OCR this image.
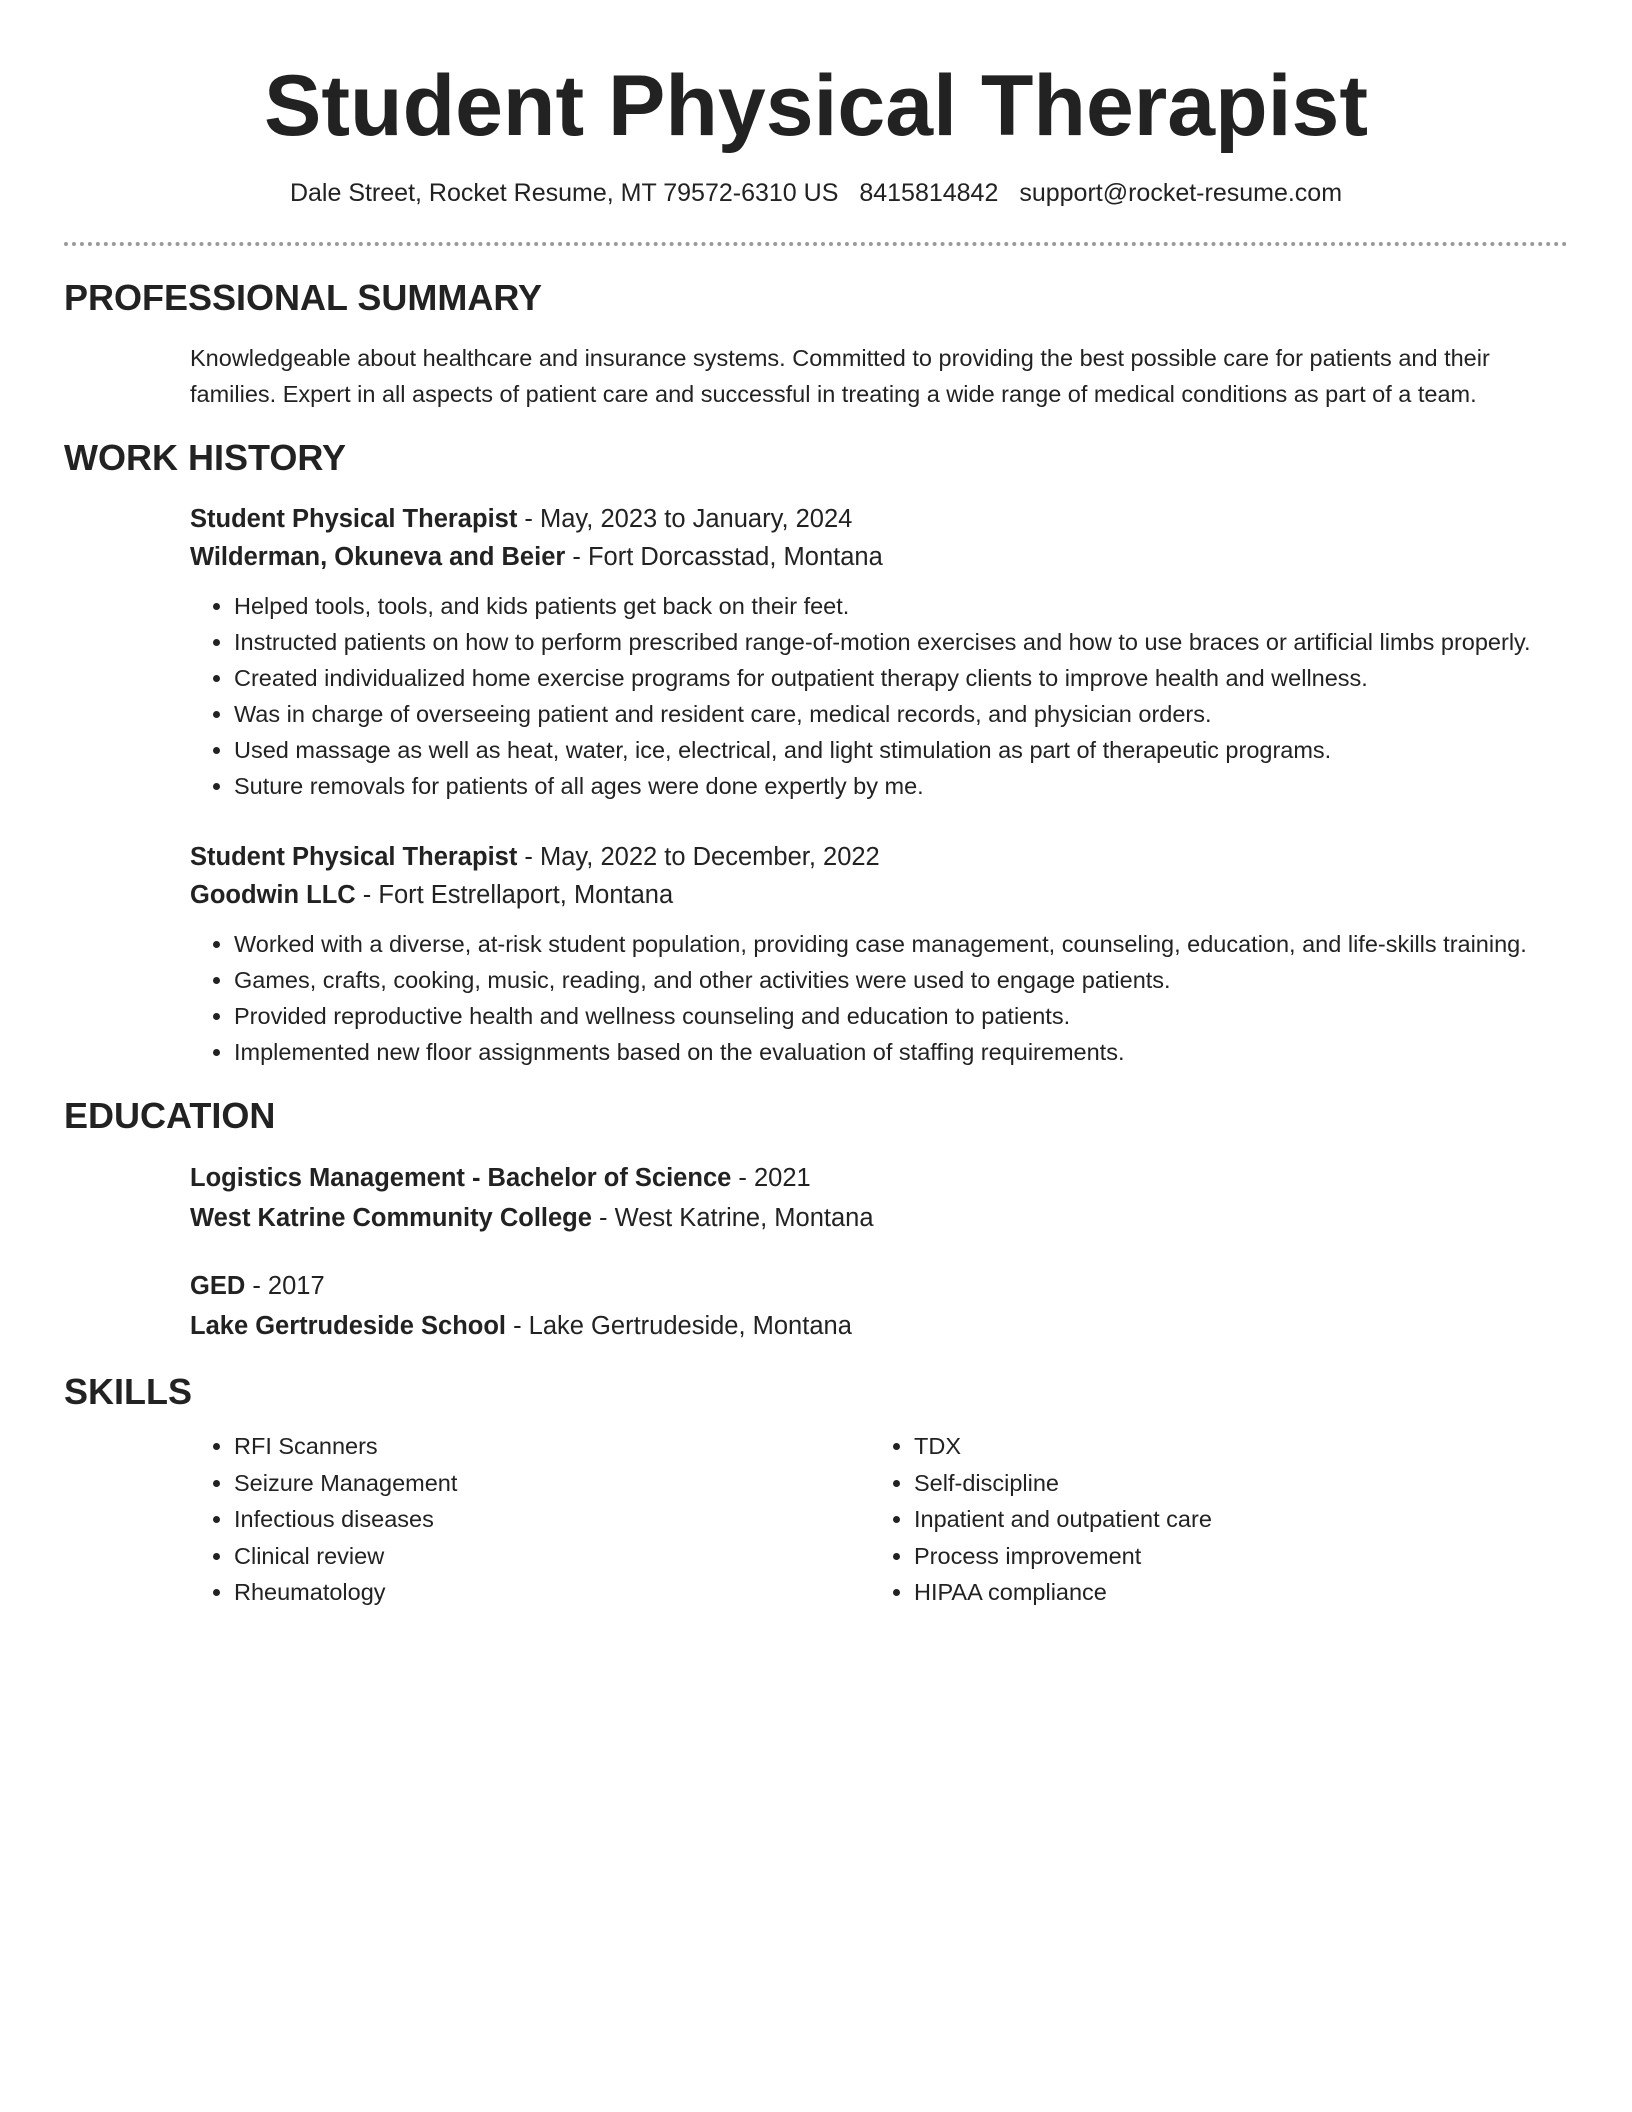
Student Physical Therapist
Dale Street, Rocket Resume, MT 79572-6310 US 8415814842 support@rocket-resume.com
PROFESSIONAL SUMMARY

Knowledgeable about healthcare and insurance systems. Committed to providing the best possible care for patients and their families. Expert in all aspects of patient care and successful in treating a wide range of medical conditions as part of a team.

WORK HISTORY
Student Physical Therapist - May, 2023 to January, 2024
Wilderman, Okuneva and Beier - Fort Dorcasstad, Montana
• Helped tools, tools, and kids patients get back on their feet.
• Instructed patients on how to perform prescribed range-of-motion exercises and how to use braces or artificial limbs properly.
• Created individualized home exercise programs for outpatient therapy clients to improve health and wellness.
• Was in charge of overseeing patient and resident care, medical records, and physician orders.
• Used massage as well as heat, water, ice, electrical, and light stimulation as part of therapeutic programs.
• Suture removals for patients of all ages were done expertly by me.
Student Physical Therapist - May, 2022 to December, 2022
Goodwin LLC - Fort Estrellaport, Montana
• Worked with a diverse, at-risk student population, providing case management, counseling, education, and life-skills training.
• Games, crafts, cooking, music, reading, and other activities were used to engage patients.
• Provided reproductive health and wellness counseling and education to patients.
• Implemented new floor assignments based on the evaluation of staffing requirements.
EDUCATION
Logistics Management - Bachelor of Science - 2021
West Katrine Community College - West Katrine, Montana
GED - 2017
Lake Gertrudeside School - Lake Gertrudeside, Montana
SKILLS
• RFI Scanners
• Seizure Management
• Infectious diseases
• Clinical review
• Rheumatology
• TDX
• Self-discipline
• Inpatient and outpatient care
• Process improvement
• HIPAA compliance
